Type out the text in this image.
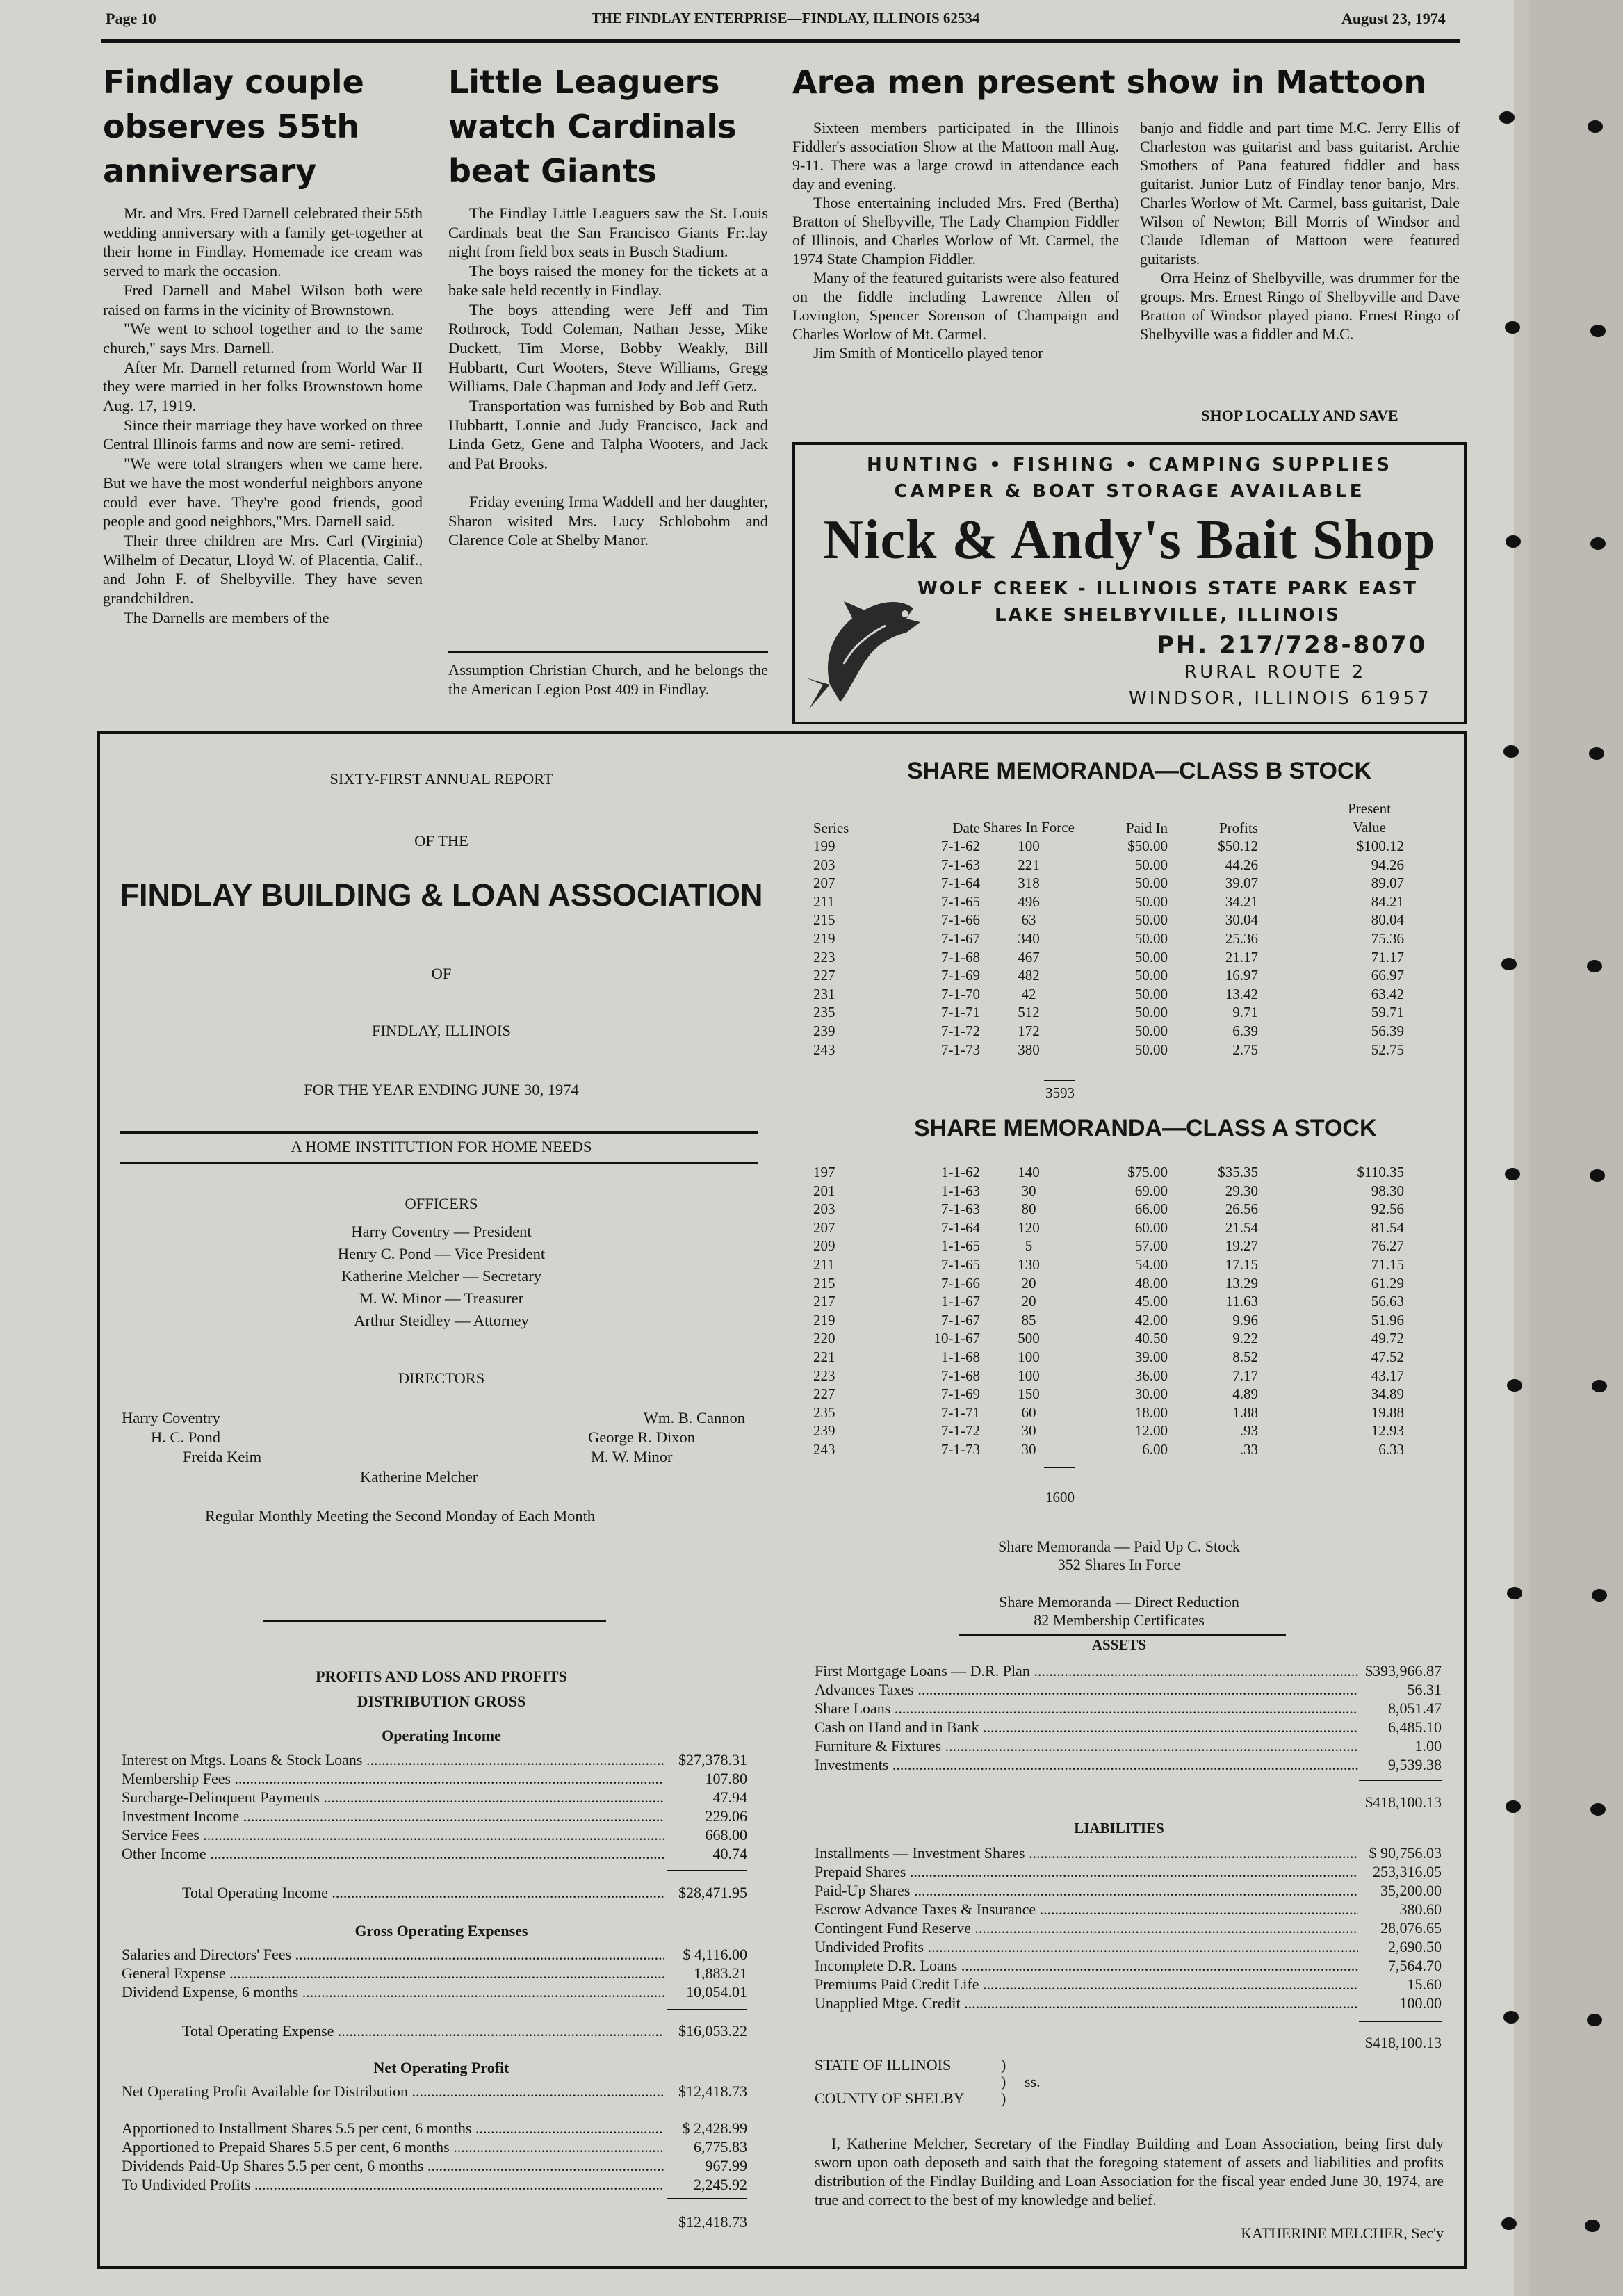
Page 10	THE FINDLAY ENTERPRISE—FINDLAY, ILLINOIS 62534	August 23, 1974
Findlay couple
observes 55th
anniversary

Mr. and Mrs. Fred Darnell celebrated their 55th wedding anniversary with a family get-together at their home in Findlay. Homemade ice cream was served to mark the occasion.

Fred Darnell and Mabel Wilson both were raised on farms in the vicinity of Brownstown.

"We went to school together and to the same church," says Mrs. Darnell.

After Mr. Darnell returned from World War II they were married in her folks Brownstown home Aug. 17, 1919.

Since their marriage they have worked on three Central Illinois farms and now are semi- retired.

"We were total strangers when we came here. But we have the most wonderful neighbors anyone could ever have. They're good friends, good people and good neighbors,"Mrs. Darnell said.

Their three children are Mrs. Carl (Virginia) Wilhelm of Decatur, Lloyd W. of Placentia, Calif., and John F. of Shelbyville. They have seven grandchildren.

The Darnells are members of the

Little Leaguers
watch Cardinals
beat Giants

The Findlay Little Leaguers saw the St. Louis Cardinals beat the San Francisco Giants Fr:.lay night from field box seats in Busch Stadium.

The boys raised the money for the tickets at a bake sale held recently in Findlay.

The boys attending were Jeff and Tim Rothrock, Todd Coleman, Nathan Jesse, Mike Duckett, Tim Morse, Bobby Weakly, Bill Hubbartt, Curt Wooters, Steve Williams, Gregg Williams, Dale Chapman and Jody and Jeff Getz.

Transportation was furnished by Bob and Ruth Hubbartt, Lonnie and Judy Francisco, Jack and Linda Getz, Gene and Talpha Wooters, and Jack and Pat Brooks.

Friday evening Irma Waddell and her daughter, Sharon wisited Mrs. Lucy Schlobohm and Clarence Cole at Shelby Manor.

Assumption Christian Church, and he belongs the the American Legion Post 409 in Findlay.
Area men present show in Mattoon

Sixteen members participated in the Illinois Fiddler's association Show at the Mattoon mall Aug. 9-11. There was a large crowd in attendance each day and evening.

Those entertaining included Mrs. Fred (Bertha) Bratton of Shelbyville, The Lady Champion Fiddler of Illinois, and Charles Worlow of Mt. Carmel, the 1974 State Champion Fiddler.

Many of the featured guitarists were also featured on the fiddle including Lawrence Allen of Lovington, Spencer Sorenson of Champaign and Charles Worlow of Mt. Carmel.

Jim Smith of Monticello played tenor

banjo and fiddle and part time M.C. Jerry Ellis of Charleston was guitarist and bass guitarist. Archie Smothers of Pana featured fiddler and bass guitarist. Junior Lutz of Findlay tenor banjo, Mrs. Charles Worlow of Mt. Carmel, bass guitarist, Dale Wilson of Newton; Bill Morris of Windsor and Claude Idleman of Mattoon were featured guitarists.

Orra Heinz of Shelbyville, was drummer for the groups. Mrs. Ernest Ringo of Shelbyville and Dave Bratton of Windsor played piano. Ernest Ringo of Shelbyville was a fiddler and M.C.

SHOP LOCALLY AND SAVE
HUNTING • FISHING • CAMPING SUPPLIES
CAMPER & BOAT STORAGE AVAILABLE
Nick & Andy's Bait Shop
WOLF CREEK - ILLINOIS STATE PARK EAST
LAKE SHELBYVILLE, ILLINOIS
PH. 217/728-8070
RURAL ROUTE 2
WINDSOR, ILLINOIS 61957
SIXTY-FIRST ANNUAL REPORT
OF THE
FINDLAY BUILDING & LOAN ASSOCIATION
OF
FINDLAY, ILLINOIS
FOR THE YEAR ENDING JUNE 30, 1974
A HOME INSTITUTION FOR HOME NEEDS
OFFICERS
Harry Coventry — President
Henry C. Pond — Vice President
Katherine Melcher — Secretary
M. W. Minor — Treasurer
Arthur Steidley — Attorney
DIRECTORS
Harry Coventry
H. C. Pond
Freida Keim
Wm. B. Cannon
George R. Dixon
M. W. Minor
Katherine Melcher
Regular Monthly Meeting the Second Monday of Each Month
PROFITS AND LOSS AND PROFITS
DISTRIBUTION GROSS
Operating Income
Interest on Mtgs. Loans & Stock Loans .....	$27,378.31
Membership Fees .....	107.80
Surcharge-Delinquent Payments .....	47.94
Investment Income .....	229.06
Service Fees .....	668.00
Other Income .....	40.74
Total Operating Income .....	$28,471.95
Gross Operating Expenses
Salaries and Directors' Fees .....	$ 4,116.00
General Expense .....	1,883.21
Dividend Expense, 6 months .....	10,054.01
Total Operating Expense .....	$16,053.22
Net Operating Profit
Net Operating Profit Available for Distribution .....	$12,418.73
Apportioned to Installment Shares 5.5 per cent, 6 months .....	$ 2,428.99
Apportioned to Prepaid Shares 5.5 per cent, 6 months .....	6,775.83
Dividends Paid-Up Shares 5.5 per cent, 6 months .....	967.99
To Undivided Profits .....	2,245.92
$12,418.73
SHARE MEMORANDA—CLASS B STOCK
Series	Date	Shares In Force	Paid In	Profits	Present Value
199	7-1-62	100	$50.00	$50.12	$100.12
203	7-1-63	221	50.00	44.26	94.26
207	7-1-64	318	50.00	39.07	89.07
211	7-1-65	496	50.00	34.21	84.21
215	7-1-66	63	50.00	30.04	80.04
219	7-1-67	340	50.00	25.36	75.36
223	7-1-68	467	50.00	21.17	71.17
227	7-1-69	482	50.00	16.97	66.97
231	7-1-70	42	50.00	13.42	63.42
235	7-1-71	512	50.00	9.71	59.71
239	7-1-72	172	50.00	6.39	56.39
243	7-1-73	380	50.00	2.75	52.75
3593
SHARE MEMORANDA—CLASS A STOCK
197	1-1-62	140	$75.00	$35.35	$110.35
201	1-1-63	30	69.00	29.30	98.30
203	7-1-63	80	66.00	26.56	92.56
207	7-1-64	120	60.00	21.54	81.54
209	1-1-65	5	57.00	19.27	76.27
211	7-1-65	130	54.00	17.15	71.15
215	7-1-66	20	48.00	13.29	61.29
217	1-1-67	20	45.00	11.63	56.63
219	7-1-67	85	42.00	9.96	51.96
220	10-1-67	500	40.50	9.22	49.72
221	1-1-68	100	39.00	8.52	47.52
223	7-1-68	100	36.00	7.17	43.17
227	7-1-69	150	30.00	4.89	34.89
235	7-1-71	60	18.00	1.88	19.88
239	7-1-72	30	12.00	.93	12.93
243	7-1-73	30	6.00	.33	6.33
1600
Share Memoranda — Paid Up C. Stock
352 Shares In Force
Share Memoranda — Direct Reduction
82 Membership Certificates
ASSETS
First Mortgage Loans — D.R. Plan .....	$393,966.87
Advances Taxes .....	56.31
Share Loans .....	8,051.47
Cash on Hand and in Bank .....	6,485.10
Furniture & Fixtures .....	1.00
Investments .....	9,539.38
$418,100.13
LIABILITIES
Installments — Investment Shares .....	$ 90,756.03
Prepaid Shares .....	253,316.05
Paid-Up Shares .....	35,200.00
Escrow Advance Taxes & Insurance .....	380.60
Contingent Fund Reserve .....	28,076.65
Undivided Profits .....	2,690.50
Incomplete D.R. Loans .....	7,564.70
Premiums Paid Credit Life .....	15.60
Unapplied Mtge. Credit .....	100.00
$418,100.13
STATE OF ILLINOIS	)
) ss.
COUNTY OF SHELBY )
I, Katherine Melcher, Secretary of the Findlay Building and Loan Association, being first duly sworn upon oath deposeth and saith that the foregoing statement of assets and liabilities and profits distribution of the Findlay Building and Loan Association for the fiscal year ended June 30, 1974, are true and correct to the best of my knowledge and belief.
KATHERINE MELCHER, Sec'y
